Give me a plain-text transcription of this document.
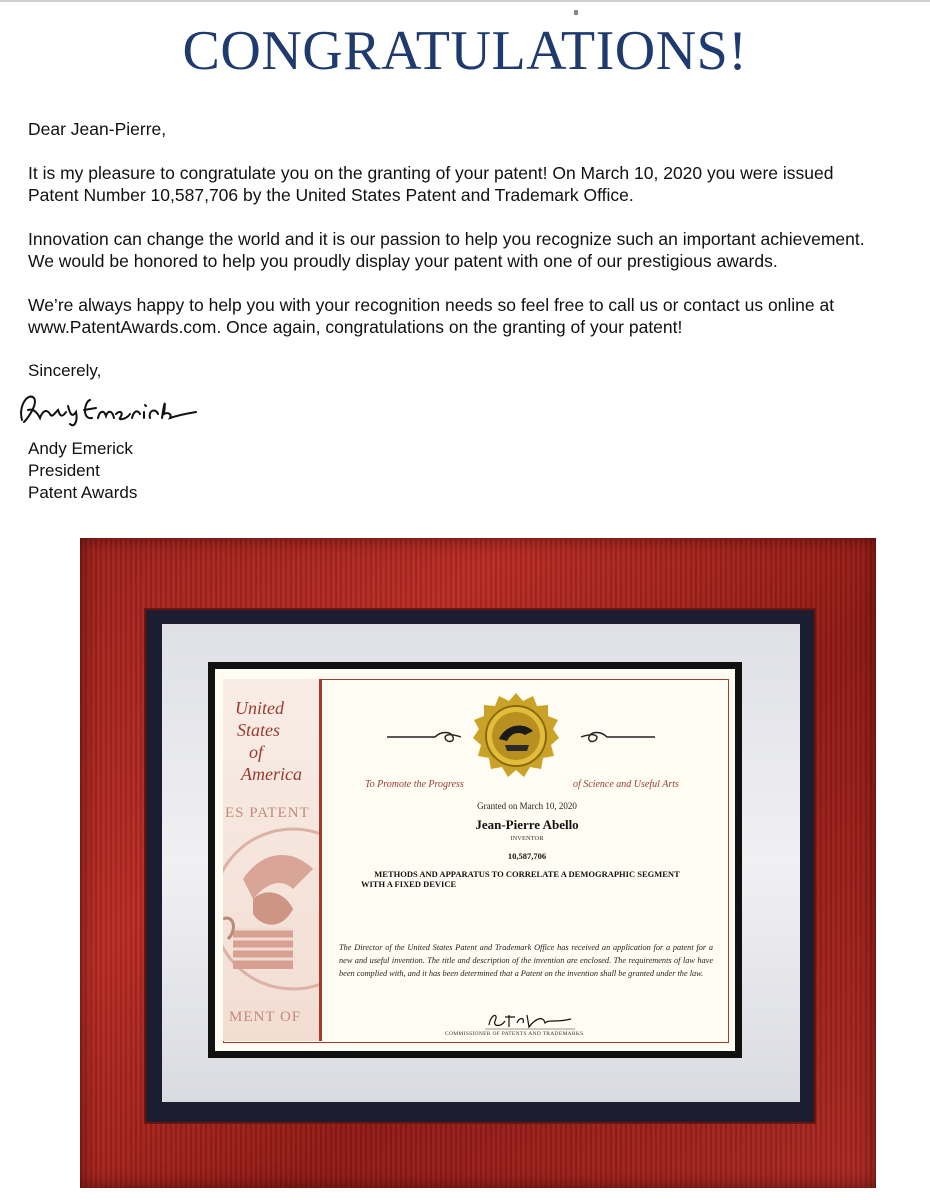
CONGRATULATIONS!

Dear Jean-Pierre,

It is my pleasure to congratulate you on the granting of your patent! On March 10, 2020 you were issued
Patent Number 10,587,706 by the United States Patent and Trademark Office.

Innovation can change the world and it is our passion to help you recognize such an important achievement.
We would be honored to help you proudly display your patent with one of our prestigious awards.

We’re always happy to help you with your recognition needs so feel free to call us or contact us online at
www.PatentAwards.com. Once again, congratulations on the granting of your patent!

Sincerely,
Andy Emerick
President
Patent Awards
United
States
of
America
ES PATENT
MENT OF
To Promote the Progress	of Science and Useful Arts
Granted on March 10, 2020
Jean-Pierre Abello
INVENTOR
10,587,706
METHODS AND APPARATUS TO CORRELATE A DEMOGRAPHIC SEGMENT
WITH A FIXED DEVICE
The Director of the United States Patent and Trademark Office has received an application for a patent for a new and useful invention. The title and description of the invention are enclosed. The requirements of law have been complied with, and it has been determined that a Patent on the invention shall be granted under the law.
COMMISSIONER OF PATENTS AND TRADEMARKS
